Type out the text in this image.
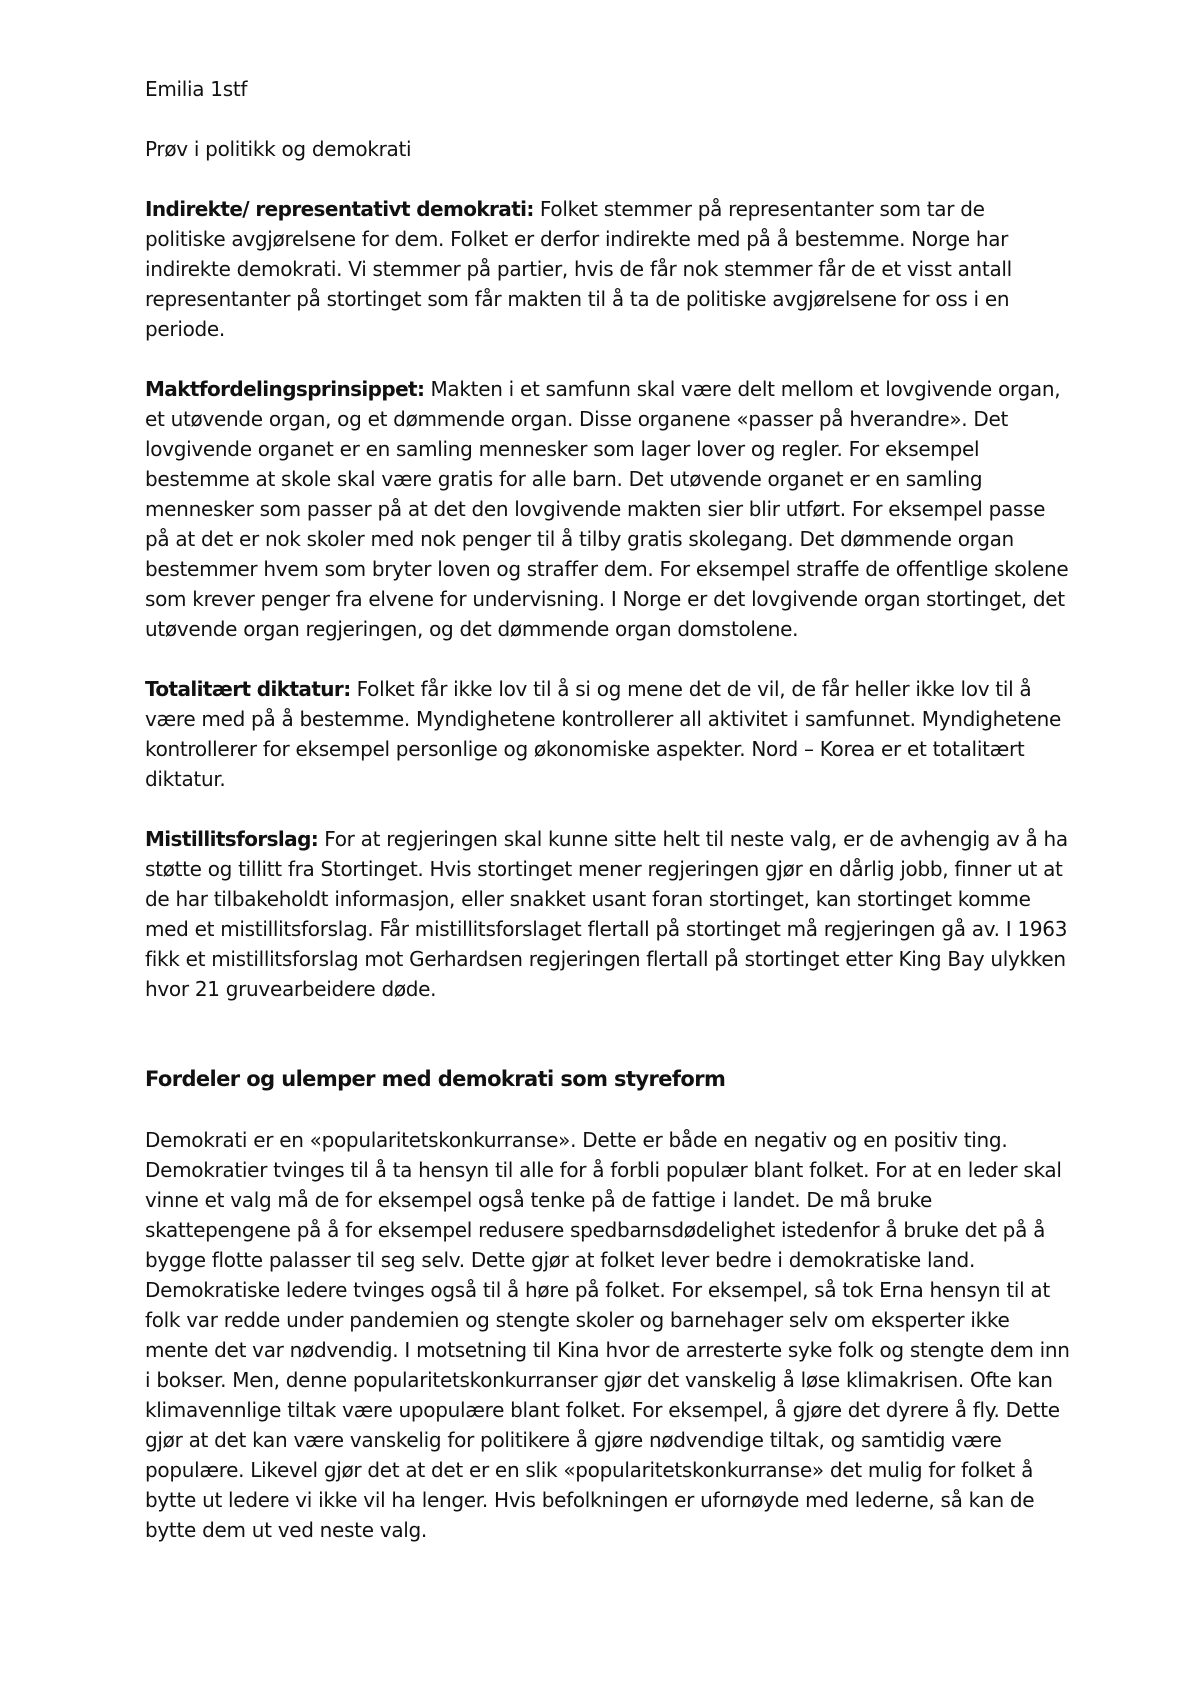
Emilia 1stf

Prøv i politikk og demokrati

Indirekte/ representativt demokrati: Folket stemmer på representanter som tar de politiske avgjørelsene for dem. Folket er derfor indirekte med på å bestemme. Norge har indirekte demokrati. Vi stemmer på partier, hvis de får nok stemmer får de et visst antall representanter på stortinget som får makten til å ta de politiske avgjørelsene for oss i en periode.

Maktfordelingsprinsippet: Makten i et samfunn skal være delt mellom et lovgivende organ, et utøvende organ, og et dømmende organ. Disse organene «passer på hverandre». Det lovgivende organet er en samling mennesker som lager lover og regler. For eksempel bestemme at skole skal være gratis for alle barn. Det utøvende organet er en samling mennesker som passer på at det den lovgivende makten sier blir utført. For eksempel passe på at det er nok skoler med nok penger til å tilby gratis skolegang. Det dømmende organ bestemmer hvem som bryter loven og straffer dem. For eksempel straffe de offentlige skolene som krever penger fra elvene for undervisning. I Norge er det lovgivende organ stortinget, det utøvende organ regjeringen, og det dømmende organ domstolene.

Totalitært diktatur: Folket får ikke lov til å si og mene det de vil, de får heller ikke lov til å være med på å bestemme. Myndighetene kontrollerer all aktivitet i samfunnet. Myndighetene kontrollerer for eksempel personlige og økonomiske aspekter. Nord – Korea er et totalitært diktatur.

Mistillitsforslag: For at regjeringen skal kunne sitte helt til neste valg, er de avhengig av å ha støtte og tillitt fra Stortinget. Hvis stortinget mener regjeringen gjør en dårlig jobb, finner ut at de har tilbakeholdt informasjon, eller snakket usant foran stortinget, kan stortinget komme med et mistillitsforslag. Får mistillitsforslaget flertall på stortinget må regjeringen gå av. I 1963 fikk et mistillitsforslag mot Gerhardsen regjeringen flertall på stortinget etter King Bay ulykken hvor 21 gruvearbeidere døde.

Fordeler og ulemper med demokrati som styreform

Demokrati er en «popularitetskonkurranse». Dette er både en negativ og en positiv ting. Demokratier tvinges til å ta hensyn til alle for å forbli populær blant folket. For at en leder skal vinne et valg må de for eksempel også tenke på de fattige i landet. De må bruke skattepengene på å for eksempel redusere spedbarnsdødelighet istedenfor å bruke det på å bygge flotte palasser til seg selv. Dette gjør at folket lever bedre i demokratiske land. Demokratiske ledere tvinges også til å høre på folket. For eksempel, så tok Erna hensyn til at folk var redde under pandemien og stengte skoler og barnehager selv om eksperter ikke mente det var nødvendig. I motsetning til Kina hvor de arresterte syke folk og stengte dem inn i bokser. Men, denne popularitetskonkurranser gjør det vanskelig å løse klimakrisen. Ofte kan klimavennlige tiltak være upopulære blant folket. For eksempel, å gjøre det dyrere å fly. Dette gjør at det kan være vanskelig for politikere å gjøre nødvendige tiltak, og samtidig være populære. Likevel gjør det at det er en slik «popularitetskonkurranse» det mulig for folket å bytte ut ledere vi ikke vil ha lenger. Hvis befolkningen er ufornøyde med lederne, så kan de bytte dem ut ved neste valg.
